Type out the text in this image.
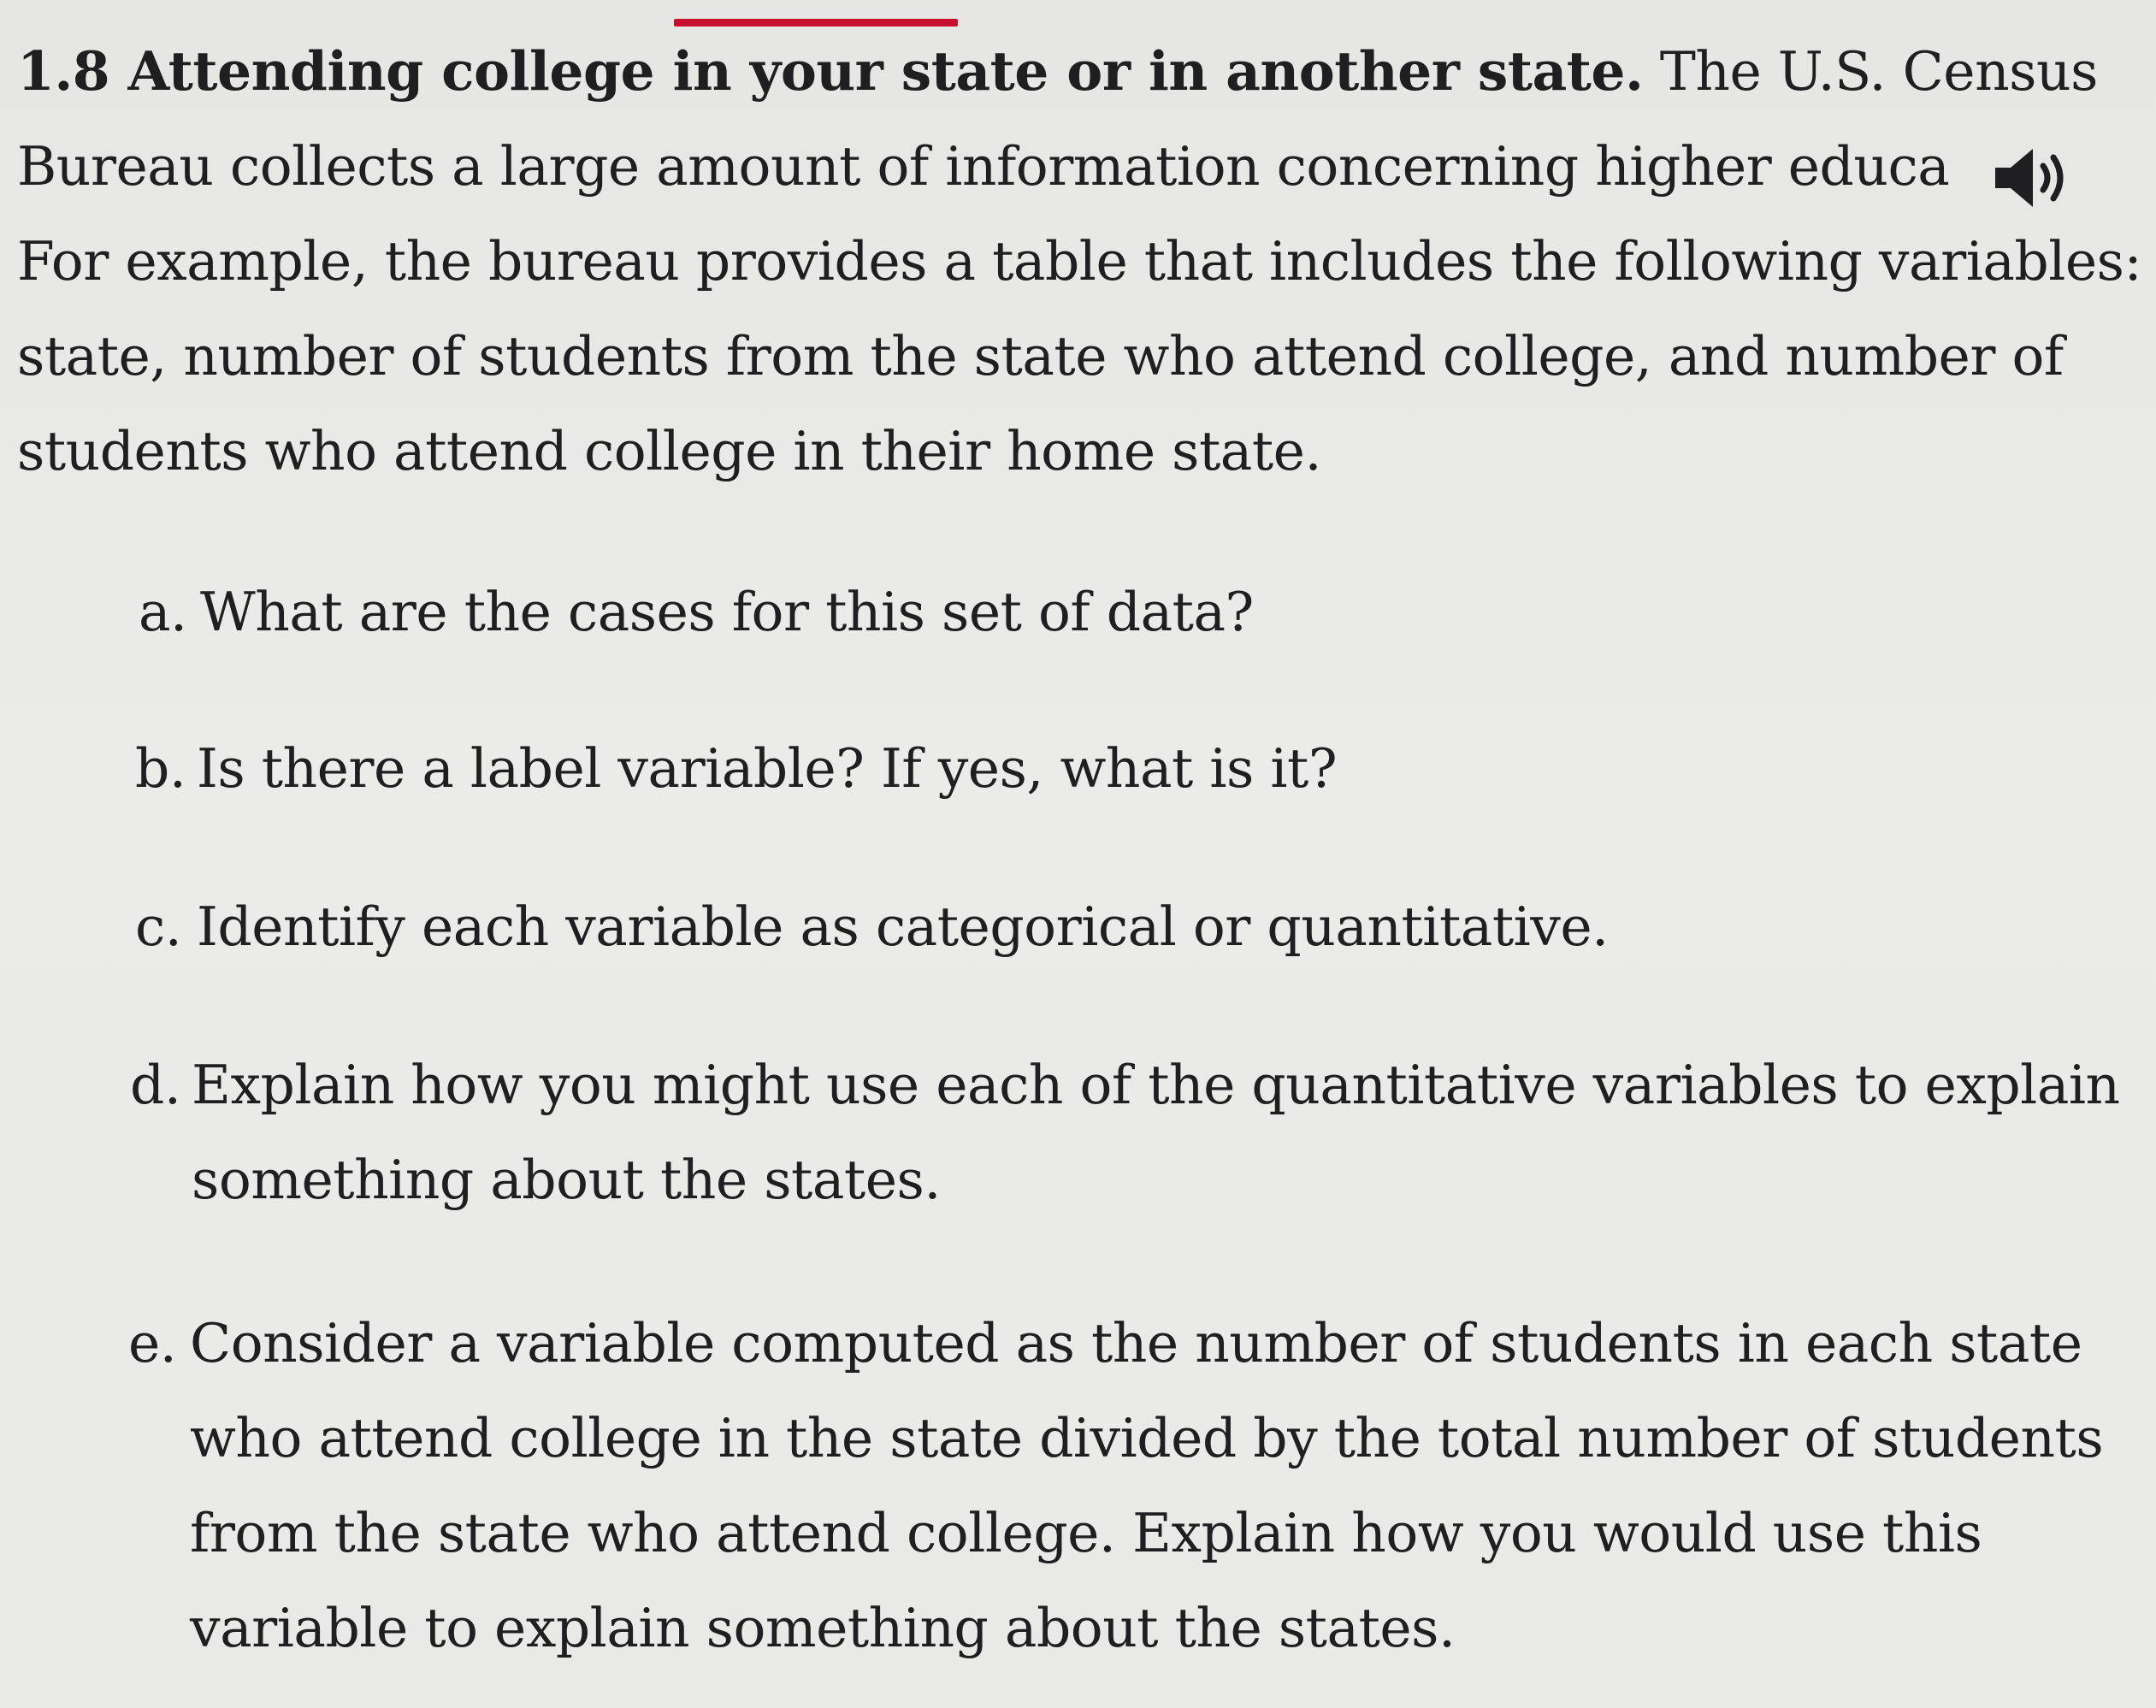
1.8 Attending college in your state or in another state. The U.S. Census
Bureau collects a large amount of information concerning higher educa
For example, the bureau provides a table that includes the following variables:
state, number of students from the state who attend college, and number of
students who attend college in their home state.

a. What are the cases for this set of data?
b. Is there a label variable? If yes, what is it?
c. Identify each variable as categorical or quantitative.
d. Explain how you might use each of the quantitative variables to explain
something about the states.
e. Consider a variable computed as the number of students in each state
who attend college in the state divided by the total number of students
from the state who attend college. Explain how you would use this
variable to explain something about the states.
